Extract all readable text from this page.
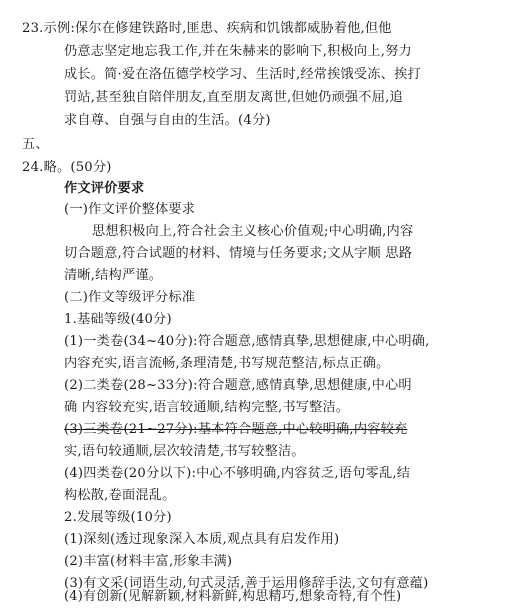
23.示例:保尔在修建铁路时,匪患、疾病和饥饿都威胁着他,但他
仍意志坚定地忘我工作,并在朱赫来的影响下,积极向上,努力
成长。简·爱在洛伍德学校学习、生活时,经常挨饿受冻、挨打
罚站,甚至独自陪伴朋友,直至朋友离世,但她仍顽强不屈,追
求自尊、自强与自由的生活。(4分)
五、
24.略。(50分)
作文评价要求
(一)作文评价整体要求
思想积极向上,符合社会主义核心价值观;中心明确,内容
切合题意,符合试题的材料、情境与任务要求;文从字顺 思路
清晰,结构严谨。
(二)作文等级评分标准
1.基础等级(40分)
(1)一类卷(34~40分):符合题意,感情真挚,思想健康,中心明确,
内容充实,语言流畅,条理清楚,书写规范整洁,标点正确。
(2)二类卷(28~33分):符合题意,感情真挚,思想健康,中心明
确 内容较充实,语言较通顺,结构完整,书写整洁。
(3)三类卷(21~27分):基本符合题意,中心较明确,内容较充
实,语句较通顺,层次较清楚,书写较整洁。
(4)四类卷(20分以下):中心不够明确,内容贫乏,语句零乱,结
构松散,卷面混乱。
2.发展等级(10分)
(1)深刻(透过现象深入本质,观点具有启发作用)
(2)丰富(材料丰富,形象丰满)
(3)有文采(词语生动,句式灵活,善于运用修辞手法,文句有意蕴)
(4)有创新(见解新颖,材料新鲜,构思精巧,想象奇特,有个性)
